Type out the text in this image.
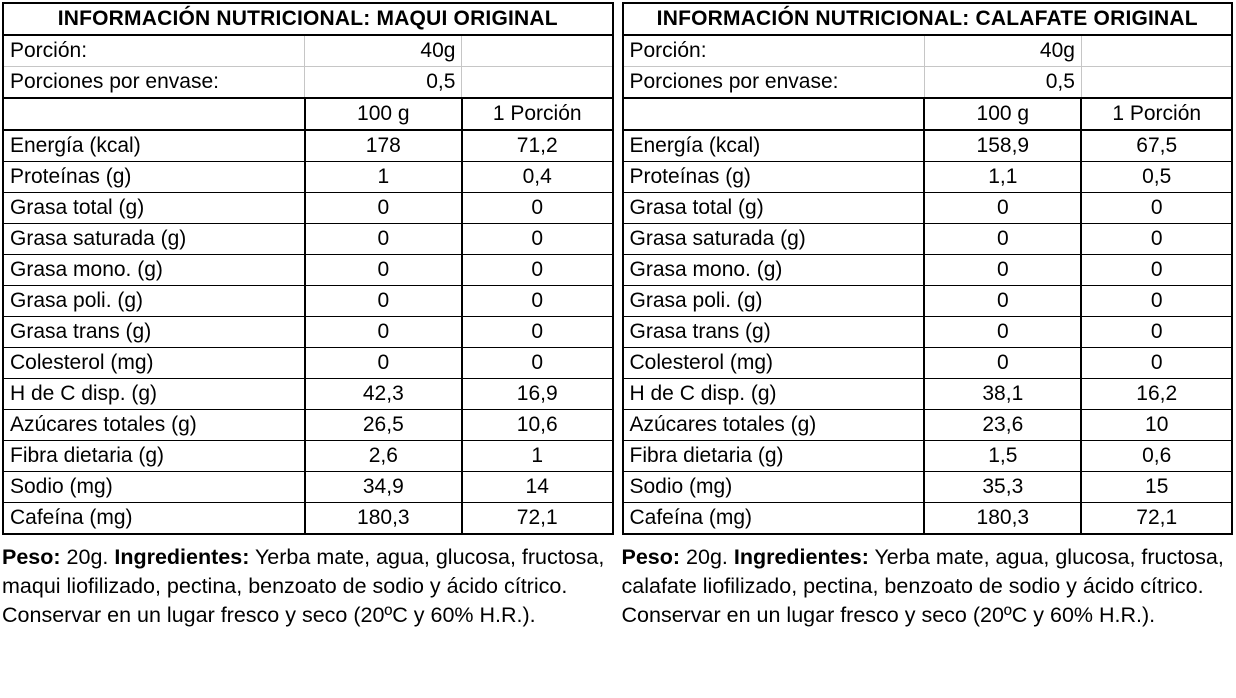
INFORMACIÓN NUTRICIONAL: MAQUI ORIGINAL		
Porción:	40g	
Porciones por envase:	0,5	
	100 g	1 Porción
Energía (kcal)	178	71,2
Proteínas (g)	1	0,4
Grasa total (g)	0	0
Grasa saturada (g)	0	0
Grasa mono. (g)	0	0
Grasa poli. (g)	0	0
Grasa trans (g)	0	0
Colesterol (mg)	0	0
H de C disp. (g)	42,3	16,9
Azúcares totales (g)	26,5	10,6
Fibra dietaria (g)	2,6	1
Sodio (mg)	34,9	14
Cafeína (mg)	180,3	72,1
INFORMACIÓN NUTRICIONAL: CALAFATE ORIGINAL		
Porción:	40g	
Porciones por envase:	0,5	
	100 g	1 Porción
Energía (kcal)	158,9	67,5
Proteínas (g)	1,1	0,5
Grasa total (g)	0	0
Grasa saturada (g)	0	0
Grasa mono. (g)	0	0
Grasa poli. (g)	0	0
Grasa trans (g)	0	0
Colesterol (mg)	0	0
H de C disp. (g)	38,1	16,2
Azúcares totales (g)	23,6	10
Fibra dietaria (g)	1,5	0,6
Sodio (mg)	35,3	15
Cafeína (mg)	180,3	72,1

Peso: 20g. Ingredientes: Yerba mate, agua, glucosa, fructosa, maqui liofilizado, pectina, benzoato de sodio y ácido cítrico. Conservar en un lugar fresco y seco (20ºC y 60% H.R.).

Peso: 20g. Ingredientes: Yerba mate, agua, glucosa, fructosa, calafate liofilizado, pectina, benzoato de sodio y ácido cítrico. Conservar en un lugar fresco y seco (20ºC y 60% H.R.).
